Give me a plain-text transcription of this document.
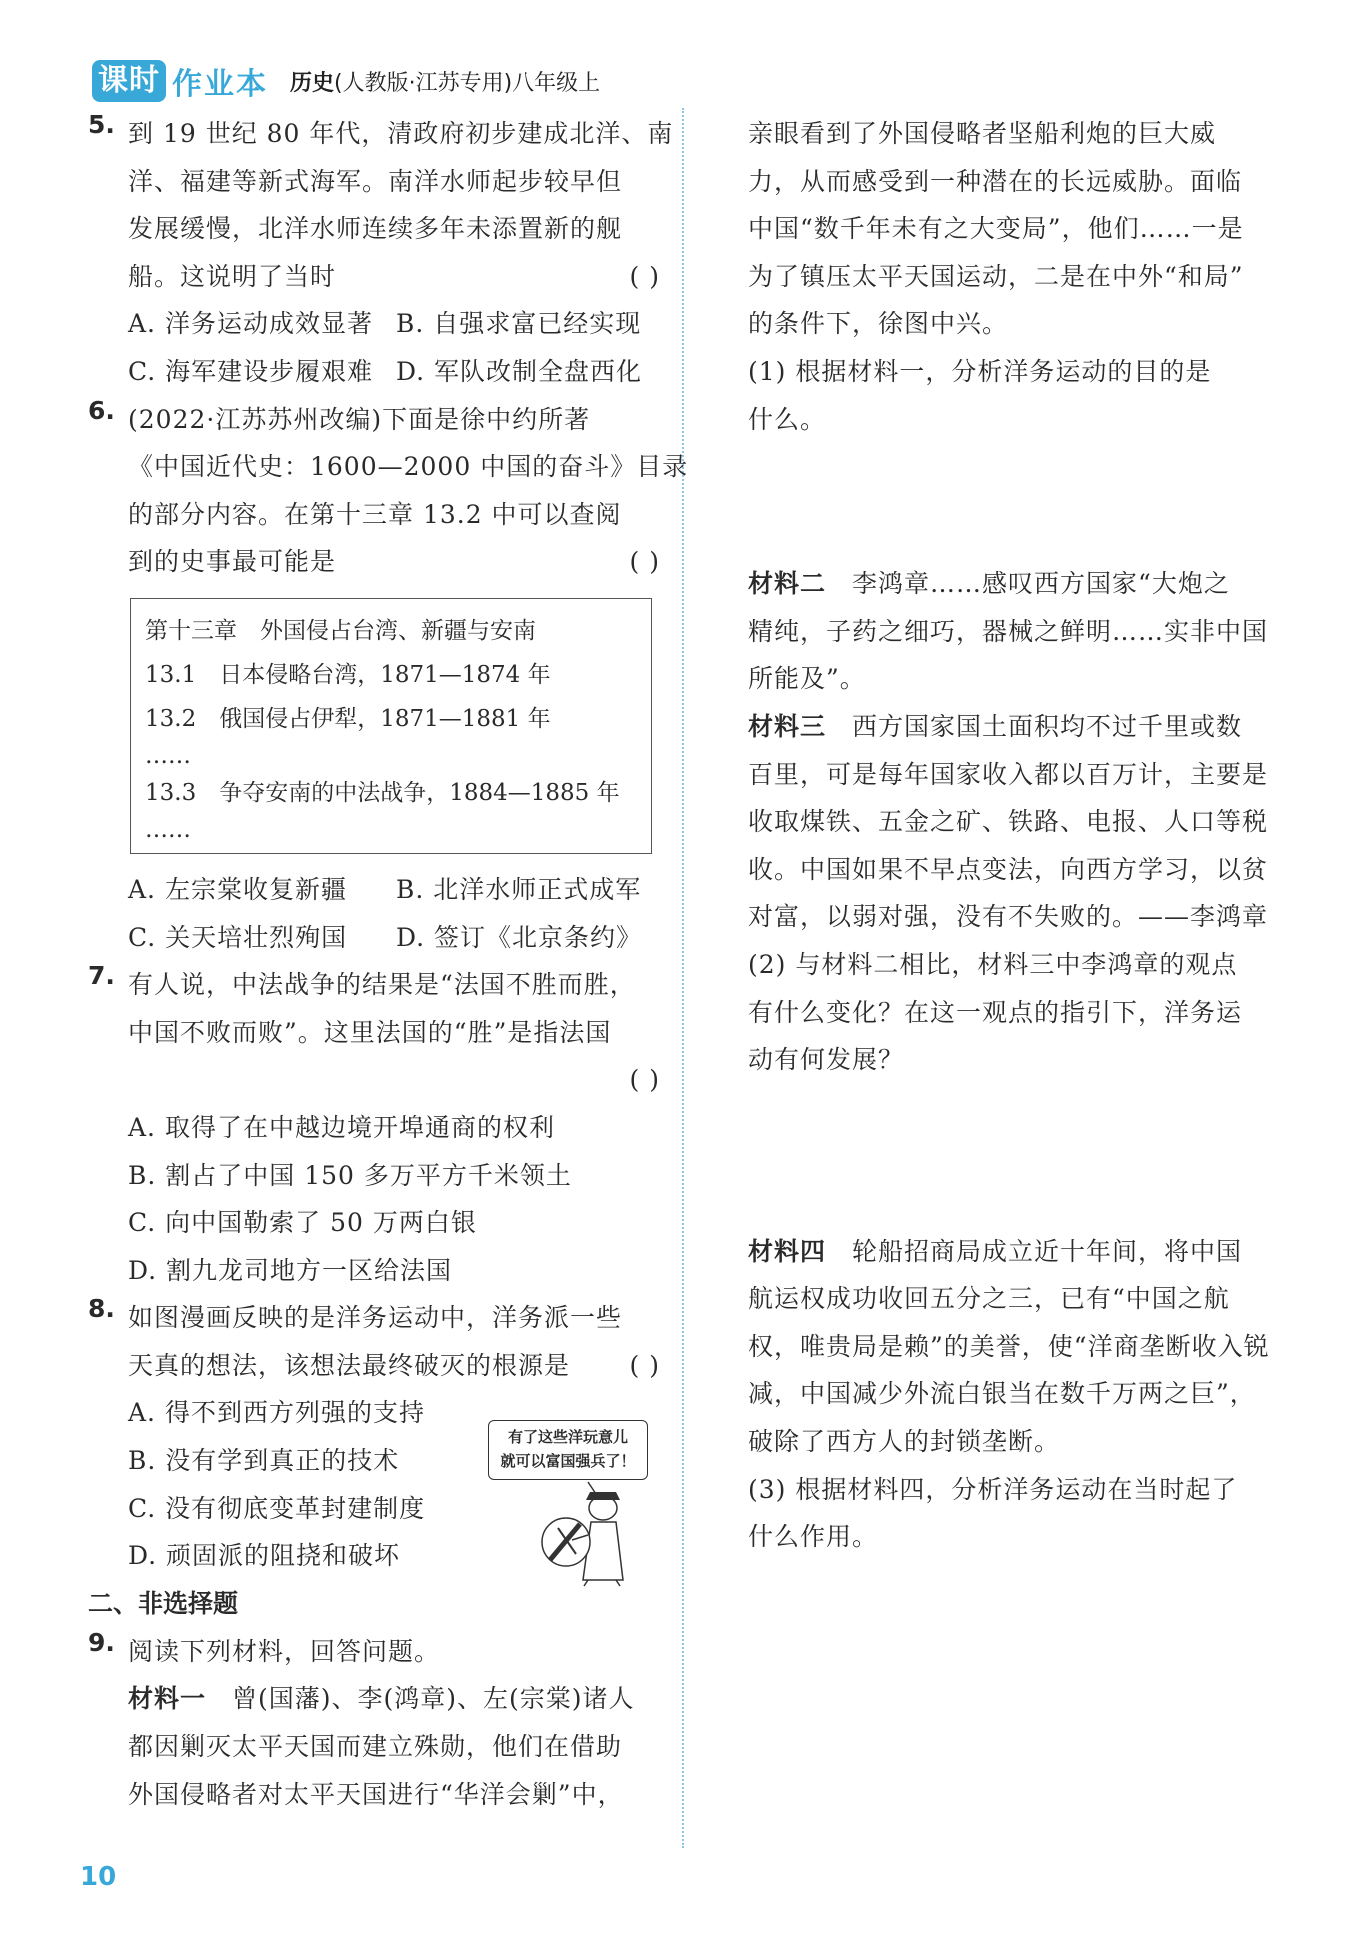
课时 作业本 历史(人教版·江苏专用)八年级上
5. 到 19 世纪 80 年代，清政府初步建成北洋、南
洋、福建等新式海军。南洋水师起步较早但
发展缓慢，北洋水师连续多年未添置新的舰
船。这说明了当时	( )
A. 洋务运动成效显著 B. 自强求富已经实现
C. 海军建设步履艰难 D. 军队改制全盘西化
6. (2022·江苏苏州改编)下面是徐中约所著
《中国近代史：1600—2000 中国的奋斗》目录
的部分内容。在第十三章 13.2 中可以查阅
到的史事最可能是	( )
第十三章　外国侵占台湾、新疆与安南
13.1　日本侵略台湾，1871—1874 年
13.2　俄国侵占伊犁，1871—1881 年
……
13.3　争夺安南的中法战争，1884—1885 年
……
A. 左宗棠收复新疆	B. 北洋水师正式成军
C. 关天培壮烈殉国	D. 签订《北京条约》
7. 有人说，中法战争的结果是“法国不胜而胜，
中国不败而败”。这里法国的“胜”是指法国
( )
A. 取得了在中越边境开埠通商的权利
B. 割占了中国 150 多万平方千米领土
C. 向中国勒索了 50 万两白银
D. 割九龙司地方一区给法国
8. 如图漫画反映的是洋务运动中，洋务派一些
天真的想法，该想法最终破灭的根源是 ( )
A. 得不到西方列强的支持
B. 没有学到真正的技术
C. 没有彻底变革封建制度
D. 顽固派的阻挠和破坏
二、非选择题
9. 阅读下列材料，回答问题。
材料一　 曾(国藩)、李(鸿章)、左(宗棠)诸人
都因剿灭太平天国而建立殊勋，他们在借助
外国侵略者对太平天国进行“华洋会剿”中，
有了这些洋玩意儿
就可以富国强兵了！
亲眼看到了外国侵略者坚船利炮的巨大威
力，从而感受到一种潜在的长远威胁。面临
中国“数千年未有之大变局”，他们……一是
为了镇压太平天国运动，二是在中外“和局”
的条件下，徐图中兴。
(1) 根据材料一，分析洋务运动的目的是
什么。
材料二　 李鸿章……感叹西方国家“大炮之
精纯，子药之细巧，器械之鲜明……实非中国
所能及”。
材料三　 西方国家国土面积均不过千里或数
百里，可是每年国家收入都以百万计，主要是
收取煤铁、五金之矿、铁路、电报、人口等税
收。中国如果不早点变法，向西方学习，以贫
对富，以弱对强，没有不失败的。——李鸿章
(2) 与材料二相比，材料三中李鸿章的观点
有什么变化？在这一观点的指引下，洋务运
动有何发展？
材料四　 轮船招商局成立近十年间，将中国
航运权成功收回五分之三，已有“中国之航
权，唯贵局是赖”的美誉，使“洋商垄断收入锐
减，中国减少外流白银当在数千万两之巨”，
破除了西方人的封锁垄断。
(3) 根据材料四，分析洋务运动在当时起了
什么作用。
10
